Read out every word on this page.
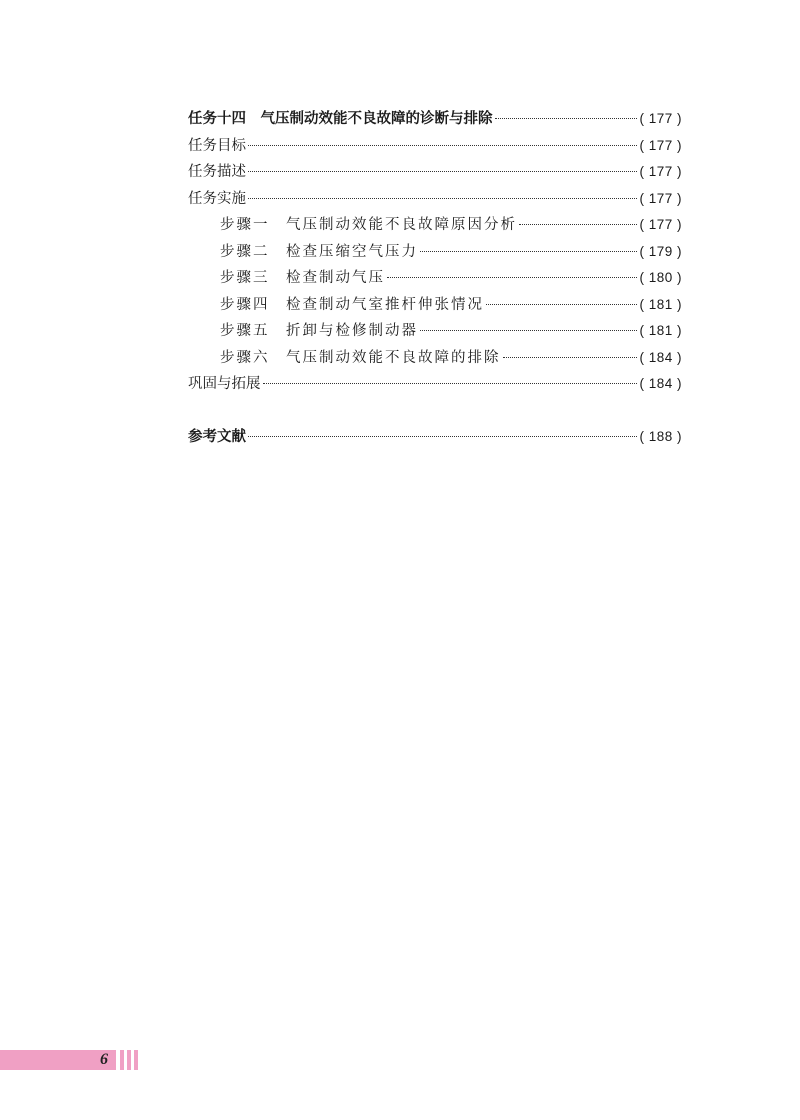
任务十四　气压制动效能不良故障的诊断与排除	( 177 )
任务目标	( 177 )
任务描述	( 177 )
任务实施	( 177 )
步骤一　气压制动效能不良故障原因分析	( 177 )
步骤二　检查压缩空气压力	( 179 )
步骤三　检查制动气压	( 180 )
步骤四　检查制动气室推杆伸张情况	( 181 )
步骤五　折卸与检修制动器	( 181 )
步骤六　气压制动效能不良故障的排除	( 184 )
巩固与拓展	( 184 )
参考文献	( 188 )
6
